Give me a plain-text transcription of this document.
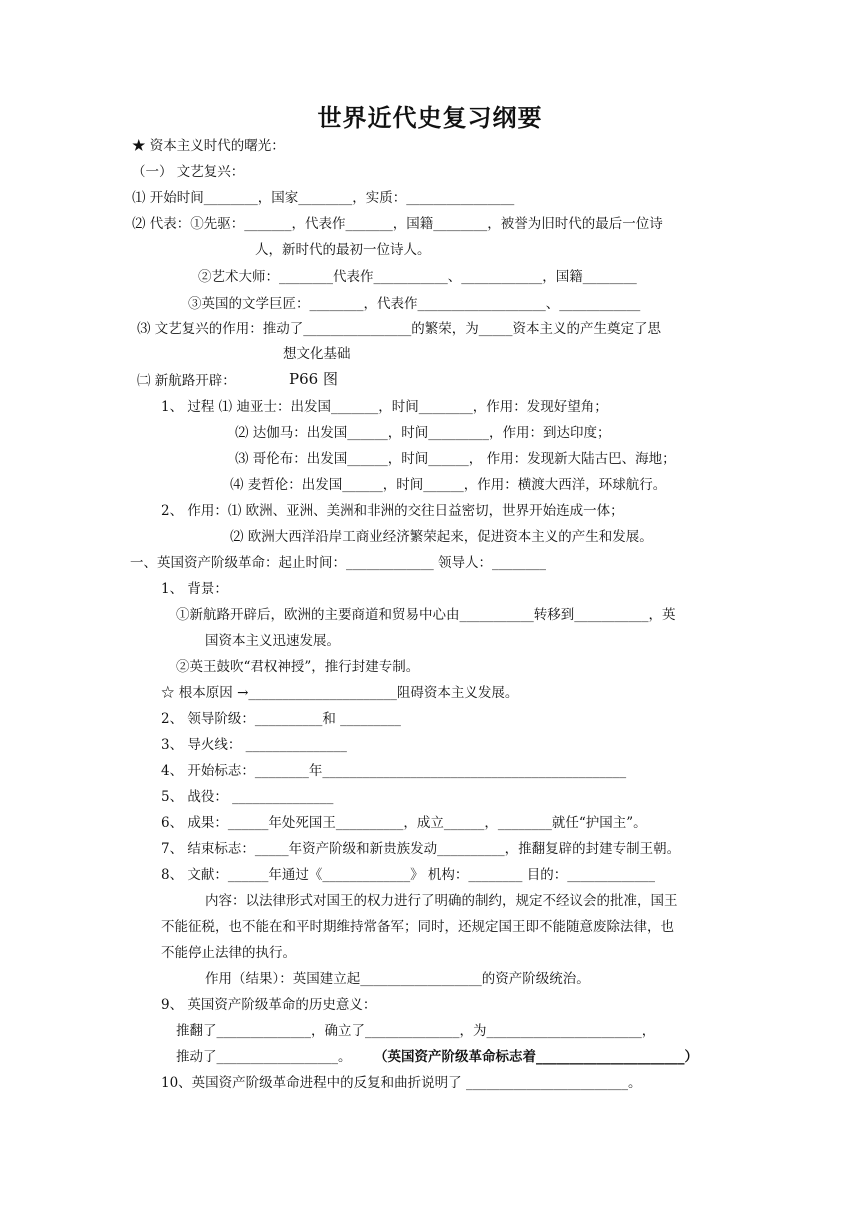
世界近代史复习纲要
★ 资本主义时代的曙光：
（一） 文艺复兴：
⑴ 开始时间________，国家________，实质：________________
⑵ 代表：①先驱：_______，代表作_______，国籍________，被誉为旧时代的最后一位诗
人，新时代的最初一位诗人。
②艺术大师：________代表作___________、____________，国籍________
③英国的文学巨匠：________，代表作___________________、____________
⑶ 文艺复兴的作用：推动了________________的繁荣，为_____资本主义的产生奠定了思
想文化基础
㈡ 新航路开辟：	P66 图
1、 过程 ⑴ 迪亚士：出发国_______，时间________，作用：发现好望角；
⑵ 达伽马：出发国______，时间_________，作用：到达印度；
⑶ 哥伦布：出发国______，时间______， 作用：发现新大陆古巴、海地；
⑷ 麦哲伦：出发国______，时间______，作用：横渡大西洋，环球航行。
2、 作用：⑴ 欧洲、亚洲、美洲和非洲的交往日益密切，世界开始连成一体；
⑵ 欧洲大西洋沿岸工商业经济繁荣起来，促进资本主义的产生和发展。
一、英国资产阶级革命：起止时间：_____________ 领导人：________
1、 背景：
①新航路开辟后，欧洲的主要商道和贸易中心由___________转移到___________，英
国资本主义迅速发展。
②英王鼓吹“君权神授”，推行封建专制。
☆ 根本原因 →______________________阻碍资本主义发展。
2、 领导阶级：__________和 _________
3、 导火线： _______________
4、 开始标志：________年_____________________________________________
5、 战役： _______________
6、 成果：______年处死国王__________，成立______，________就任“护国主”。
7、 结束标志：_____年资产阶级和新贵族发动__________，推翻复辟的封建专制王朝。
8、 文献：______年通过《_____________》 机构：________ 目的：_____________
内容：以法律形式对国王的权力进行了明确的制约，规定不经议会的批准，国王
不能征税，也不能在和平时期维持常备军；同时，还规定国王即不能随意废除法律，也
不能停止法律的执行。
作用（结果）：英国建立起__________________的资产阶级统治。
9、 英国资产阶级革命的历史意义：
推翻了______________，确立了______________，为_______________________，
推动了__________________。 （英国资产阶级革命标志着______________________）
10、英国资产阶级革命进程中的反复和曲折说明了 ________________________。
